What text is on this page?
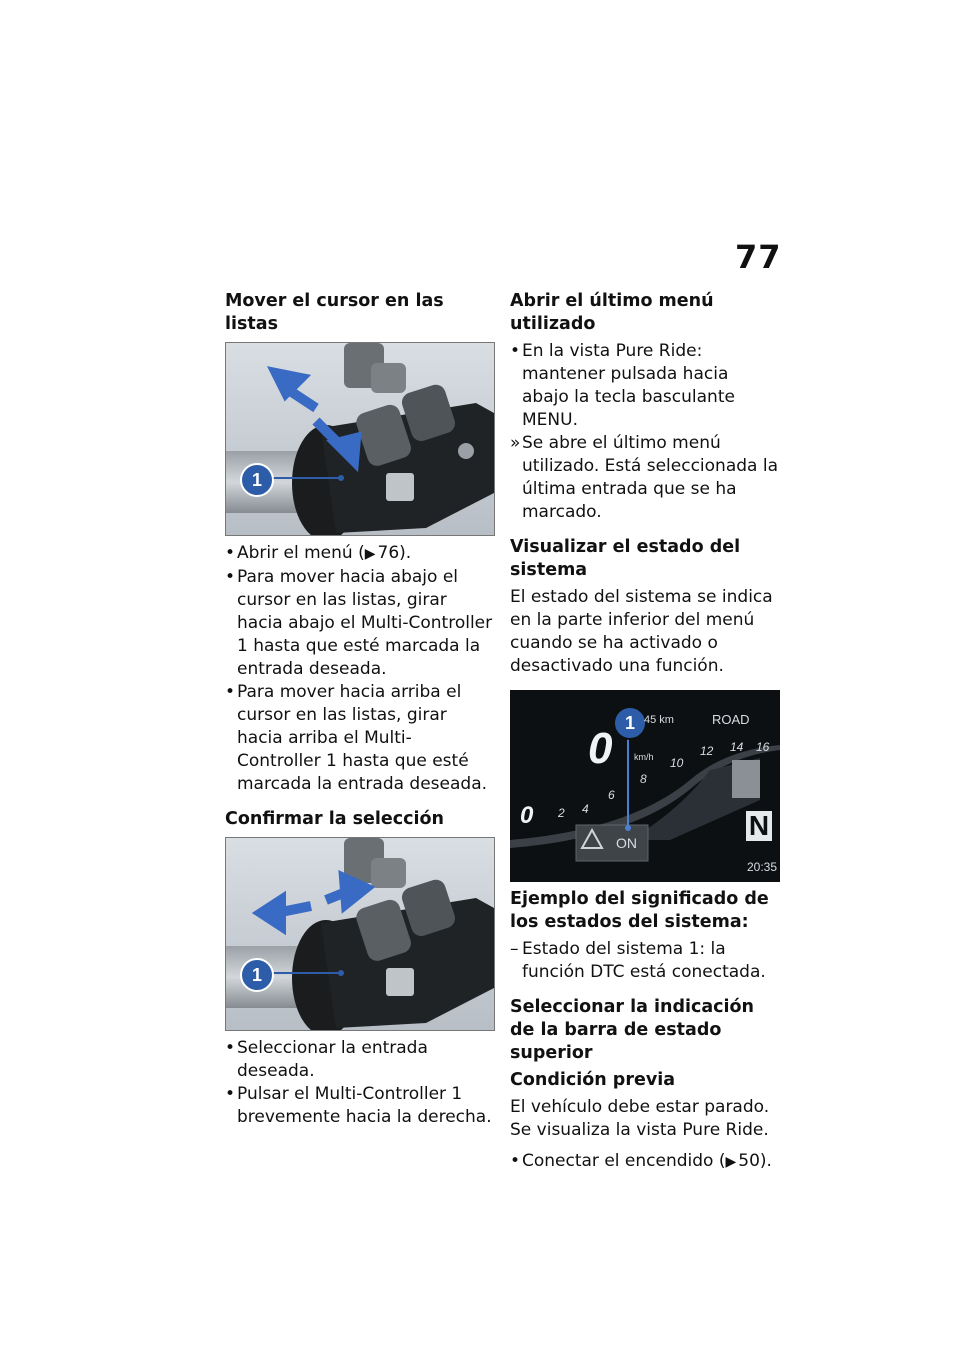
77
Mover el cursor en las listas
1
• Abrir el menú (▶ 76).
• Para mover hacia abajo el cursor en las listas, girar hacia abajo el Multi-Controller 1 hasta que esté marcada la entrada deseada.
• Para mover hacia arriba el cursor en las listas, girar hacia arriba el Multi-Controller 1 hasta que esté marcada la entrada deseada.
Confirmar la selección
1
• Seleccionar la entrada deseada.
• Pulsar el Multi-Controller 1 brevemente hacia la derecha.
Abrir el último menú utilizado
• En la vista Pure Ride: mantener pulsada hacia abajo la tecla basculante MENU.
» Se abre el último menú utilizado. Está seleccionada la última entrada que se ha marcado.
Visualizar el estado del sistema

El estado del sistema se indica en la parte inferior del menú cuando se ha activado o desactivado una función.

N
1 45 km	ROAD
0 km/h
2 4
6
8
10
12 14 16
0
ON
20:35
Ejemplo del significado de los estados del sistema:
– Estado del sistema 1: la función DTC está conectada.
Seleccionar la indicación de la barra de estado superior
Condición previa

El vehículo debe estar parado. Se visualiza la vista Pure Ride.

• Conectar el encendido (▶ 50).
